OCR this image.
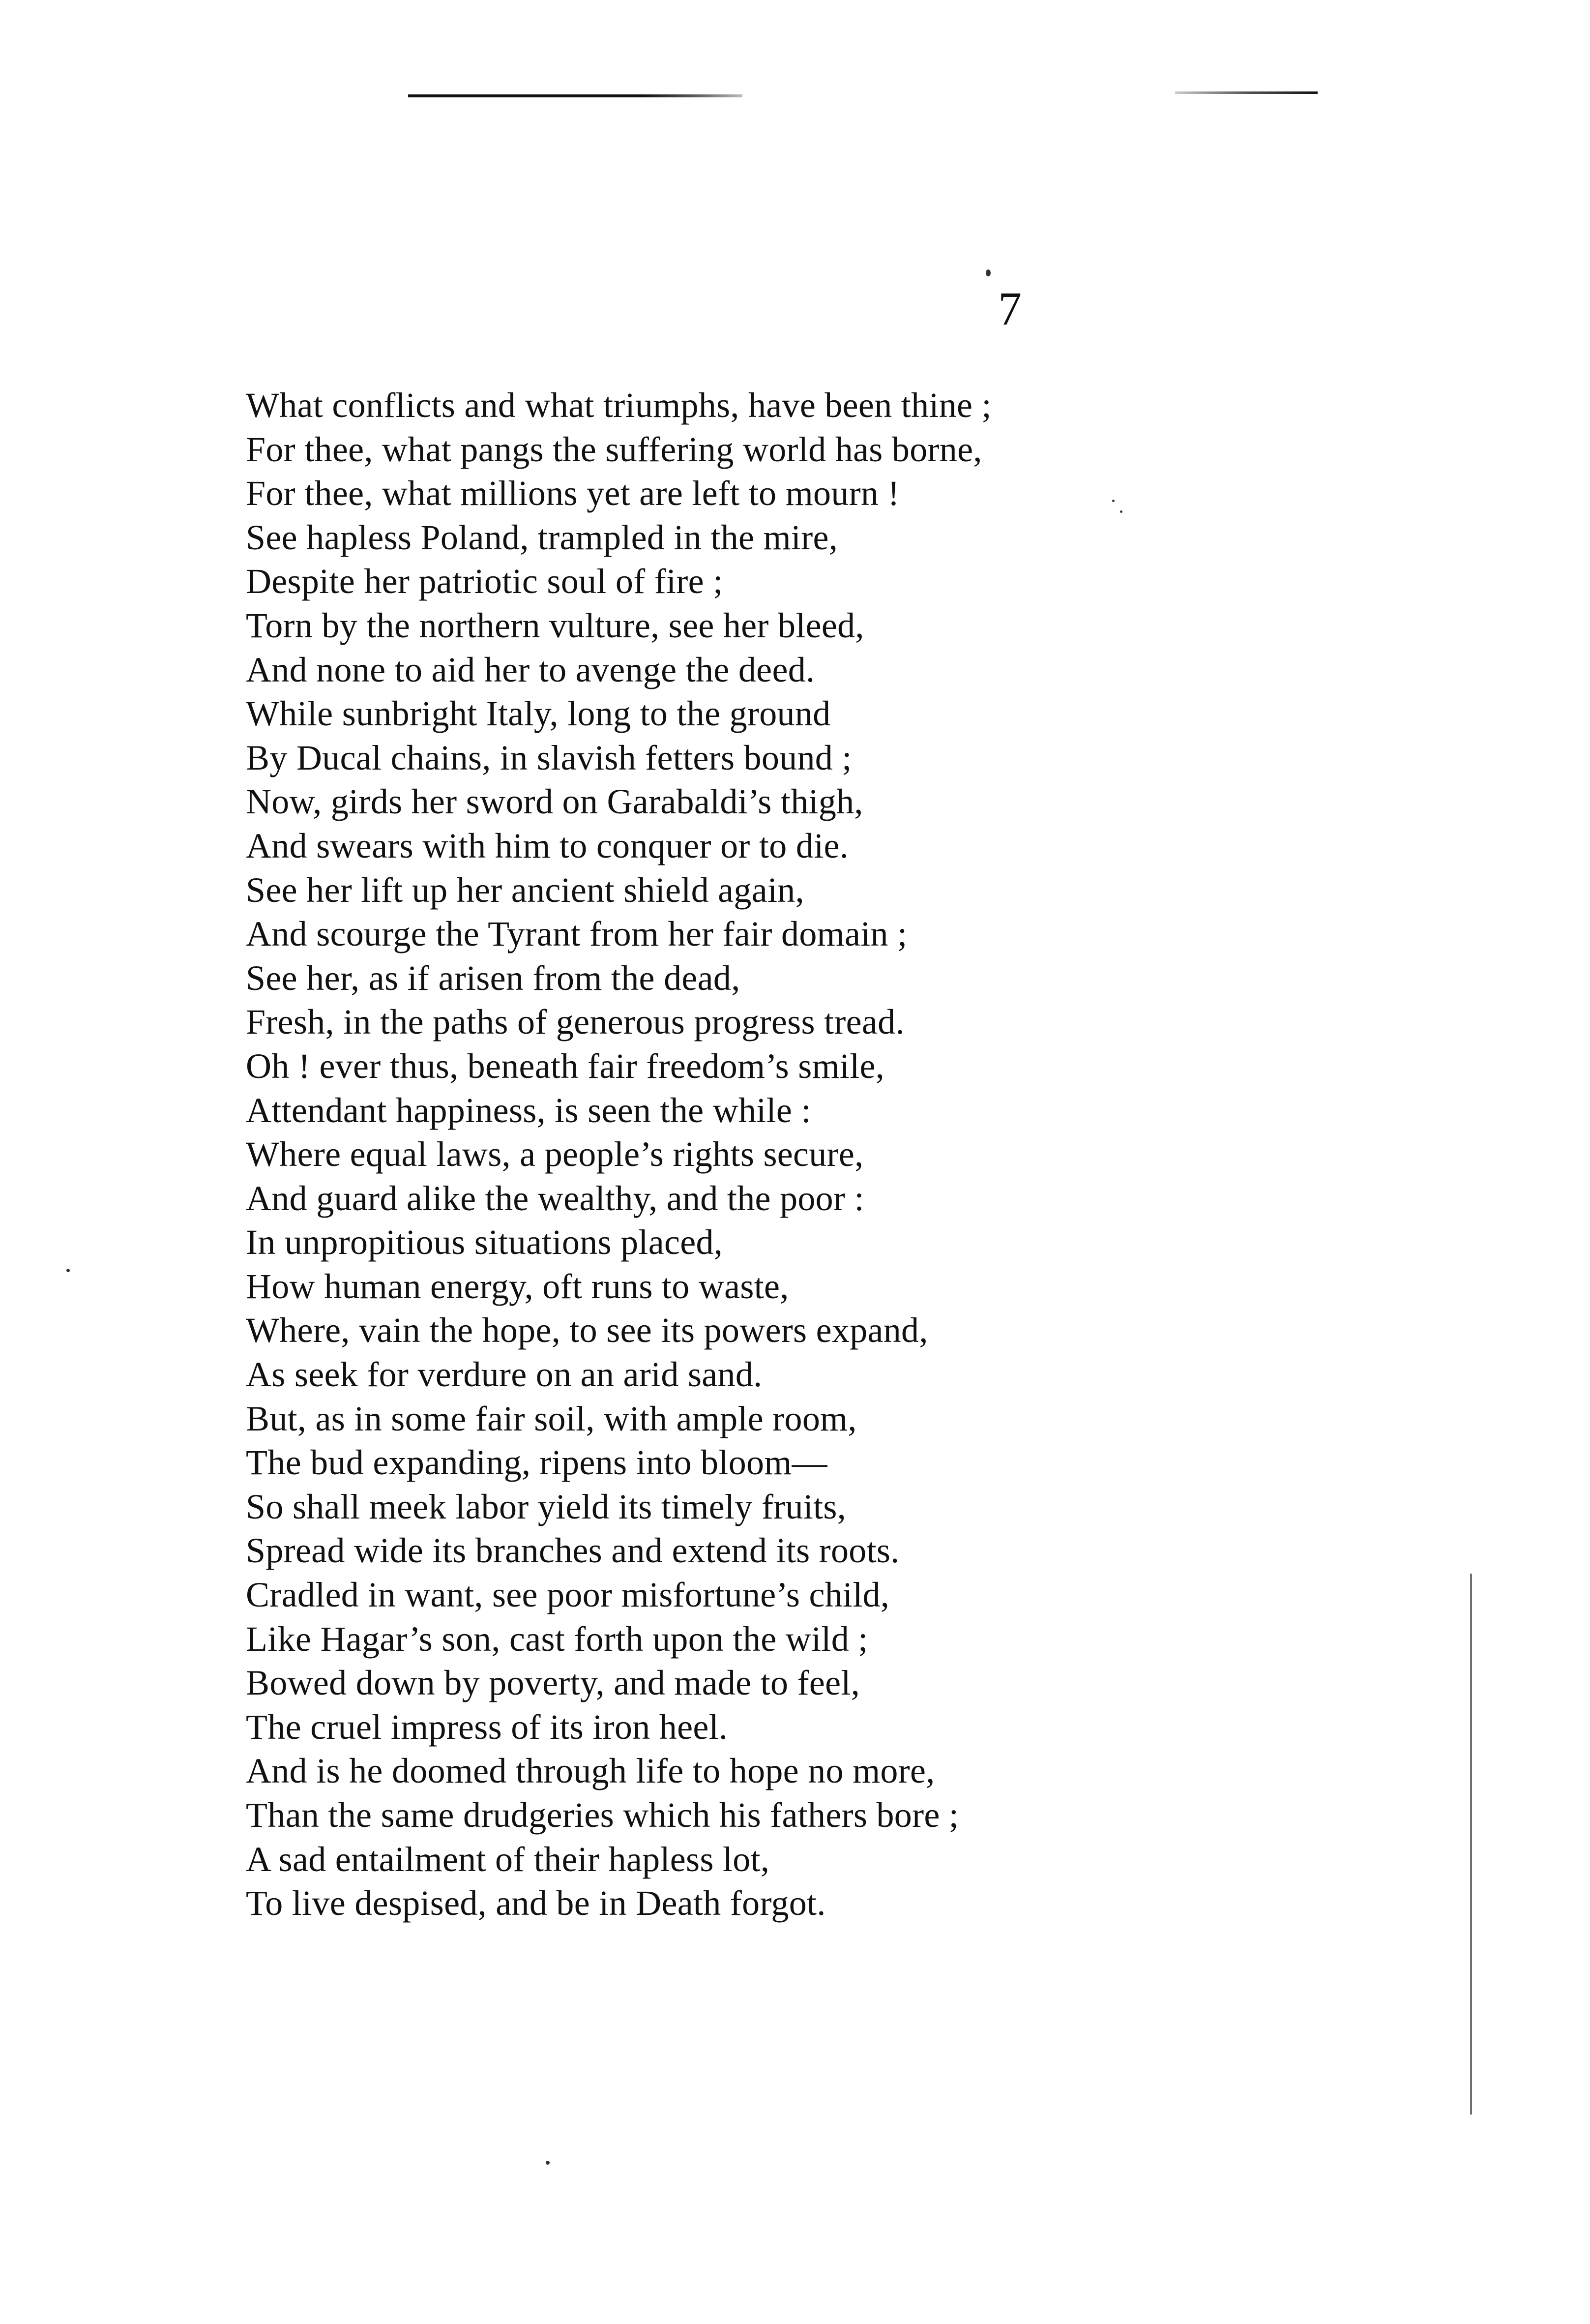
7
What conflicts and what triumphs, have been thine ;
For thee, what pangs the suffering world has borne,
For thee, what millions yet are left to mourn !
See hapless Poland, trampled in the mire,
Despite her patriotic soul of fire ;
Torn by the northern vulture, see her bleed,
And none to aid her to avenge the deed.
While sunbright Italy, long to the ground
By Ducal chains, in slavish fetters bound ;
Now, girds her sword on Garabaldi’s thigh,
And swears with him to conquer or to die.
See her lift up her ancient shield again,
And scourge the Tyrant from her fair domain ;
See her, as if arisen from the dead,
Fresh, in the paths of generous progress tread.
Oh ! ever thus, beneath fair freedom’s smile,
Attendant happiness, is seen the while :
Where equal laws, a people’s rights secure,
And guard alike the wealthy, and the poor :
In unpropitious situations placed,
How human energy, oft runs to waste,
Where, vain the hope, to see its powers expand,
As seek for verdure on an arid sand.
But, as in some fair soil, with ample room,
The bud expanding, ripens into bloom—
So shall meek labor yield its timely fruits,
Spread wide its branches and extend its roots.
Cradled in want, see poor misfortune’s child,
Like Hagar’s son, cast forth upon the wild ;
Bowed down by poverty, and made to feel,
The cruel impress of its iron heel.
And is he doomed through life to hope no more,
Than the same drudgeries which his fathers bore ;
A sad entailment of their hapless lot,
To live despised, and be in Death forgot.
